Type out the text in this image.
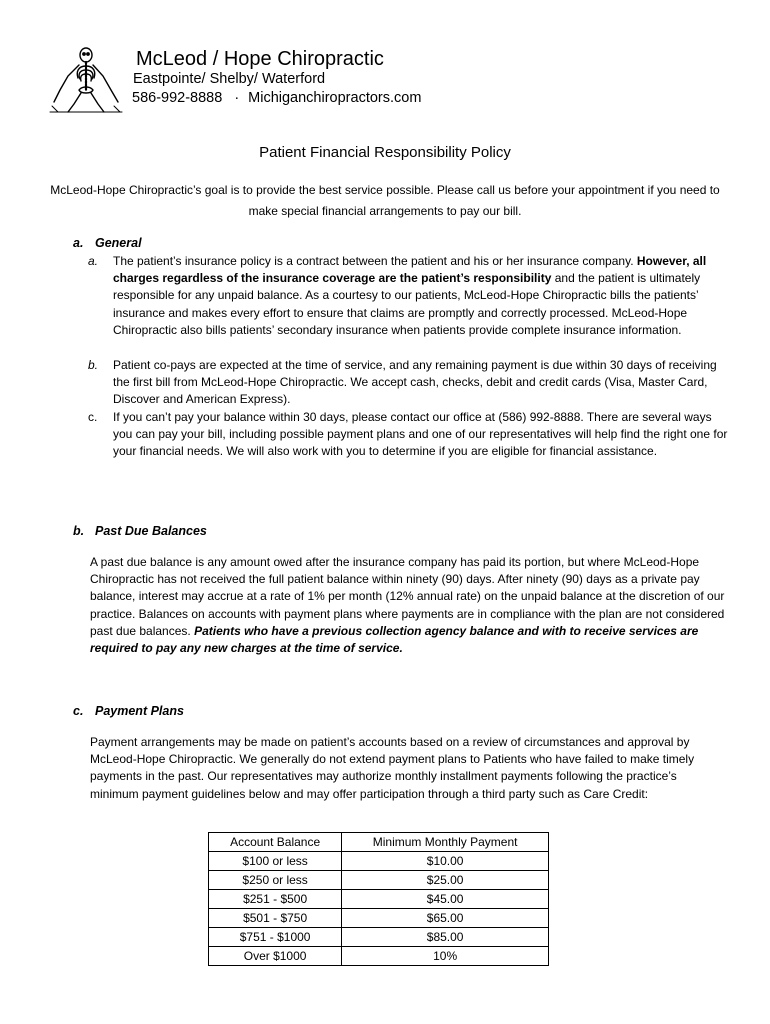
McLeod / Hope Chiropractic
Eastpointe/ Shelby/ Waterford
586-992-8888 · Michiganchiropractors.com
Patient Financial Responsibility Policy
McLeod-Hope Chiropractic’s goal is to provide the best service possible. Please call us before your appointment if you need to make special financial arrangements to pay our bill.
a. General
a. The patient’s insurance policy is a contract between the patient and his or her insurance company. However, all charges regardless of the insurance coverage are the patient’s responsibility and the patient is ultimately responsible for any unpaid balance. As a courtesy to our patients, McLeod-Hope Chiropractic bills the patients’ insurance and makes every effort to ensure that claims are promptly and correctly processed. McLeod-Hope Chiropractic also bills patients’ secondary insurance when patients provide complete insurance information.
b. Patient co-pays are expected at the time of service, and any remaining payment is due within 30 days of receiving the first bill from McLeod-Hope Chiropractic. We accept cash, checks, debit and credit cards (Visa, Master Card, Discover and American Express).
c. If you can’t pay your balance within 30 days, please contact our office at (586) 992-8888. There are several ways you can pay your bill, including possible payment plans and one of our representatives will help find the right one for your financial needs. We will also work with you to determine if you are eligible for financial assistance.
b. Past Due Balances
A past due balance is any amount owed after the insurance company has paid its portion, but where McLeod-Hope Chiropractic has not received the full patient balance within ninety (90) days. After ninety (90) days as a private pay balance, interest may accrue at a rate of 1% per month (12% annual rate) on the unpaid balance at the discretion of our practice. Balances on accounts with payment plans where payments are in compliance with the plan are not considered past due balances. Patients who have a previous collection agency balance and with to receive services are required to pay any new charges at the time of service.
c. Payment Plans
Payment arrangements may be made on patient’s accounts based on a review of circumstances and approval by McLeod-Hope Chiropractic. We generally do not extend payment plans to Patients who have failed to make timely payments in the past. Our representatives may authorize monthly installment payments following the practice’s minimum payment guidelines below and may offer participation through a third party such as Care Credit:
Account Balance	Minimum Monthly Payment
$100 or less	$10.00
$250 or less	$25.00
$251 - $500	$45.00
$501 - $750	$65.00
$751 - $1000	$85.00
Over $1000	10%
